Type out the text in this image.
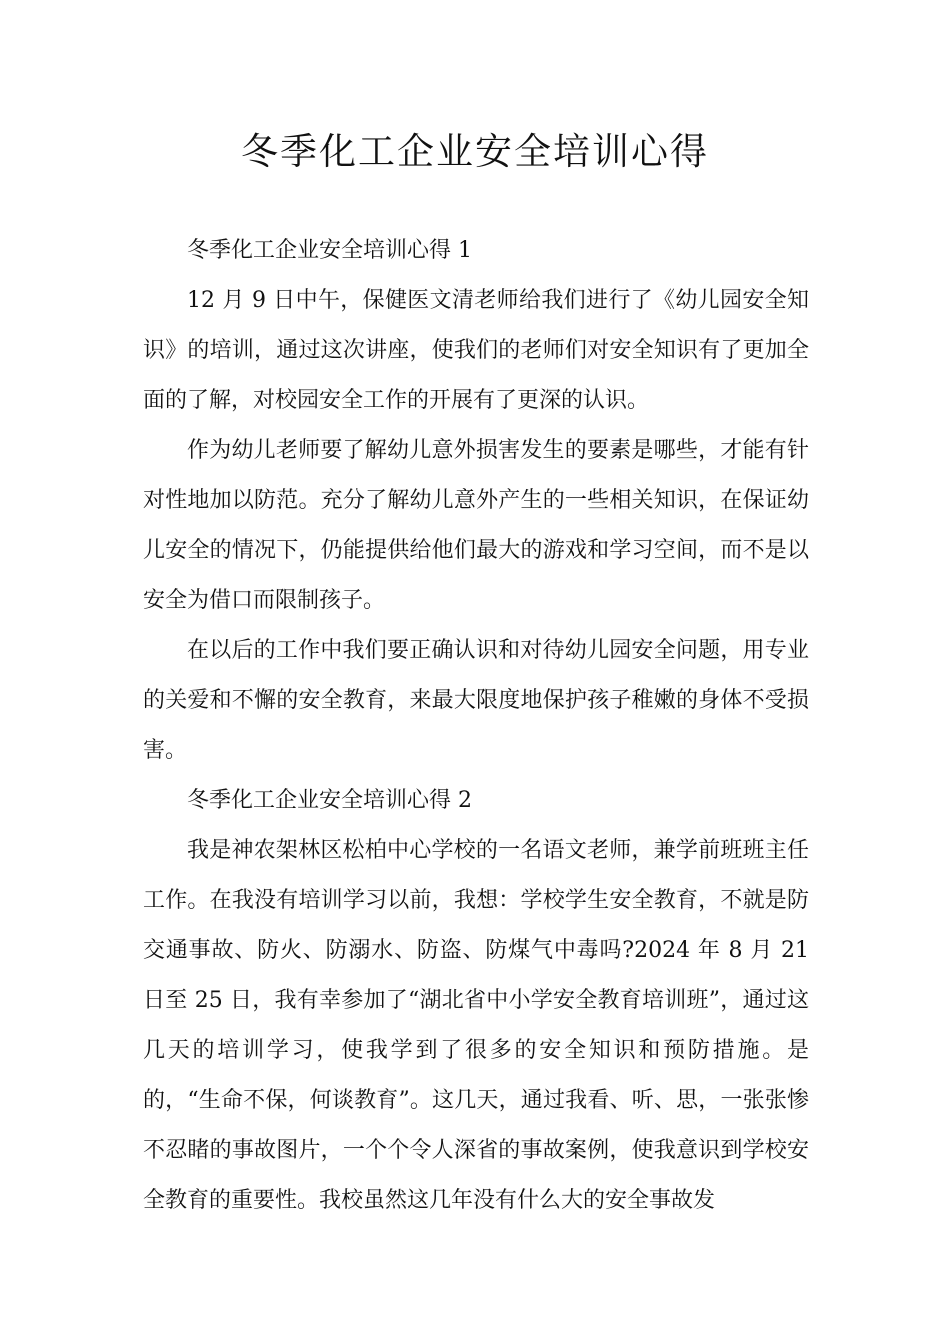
冬季化工企业安全培训心得

冬季化工企业安全培训心得 1

12 月 9 日中午，保健医文清老师给我们进行了《幼儿园安全知识》的培训，通过这次讲座，使我们的老师们对安全知识有了更加全面的了解，对校园安全工作的开展有了更深的认识。

作为幼儿老师要了解幼儿意外损害发生的要素是哪些，才能有针对性地加以防范。充分了解幼儿意外产生的一些相关知识，在保证幼儿安全的情况下，仍能提供给他们最大的游戏和学习空间，而不是以安全为借口而限制孩子。

在以后的工作中我们要正确认识和对待幼儿园安全问题，用专业的关爱和不懈的安全教育，来最大限度地保护孩子稚嫩的身体不受损害。

冬季化工企业安全培训心得 2

我是神农架林区松柏中心学校的一名语文老师，兼学前班班主任工作。在我没有培训学习以前，我想：学校学生安全教育，不就是防交通事故、防火、防溺水、防盗、防煤气中毒吗?2024 年 8 月 21 日至 25 日，我有幸参加了“湖北省中小学安全教育培训班”，通过这几天的培训学习，使我学到了很多的安全知识和预防措施。是的，“生命不保，何谈教育”。这几天，通过我看、听、思，一张张惨不忍睹的事故图片，一个个令人深省的事故案例，使我意识到学校安全教育的重要性。我校虽然这几年没有什么大的安全事故发
